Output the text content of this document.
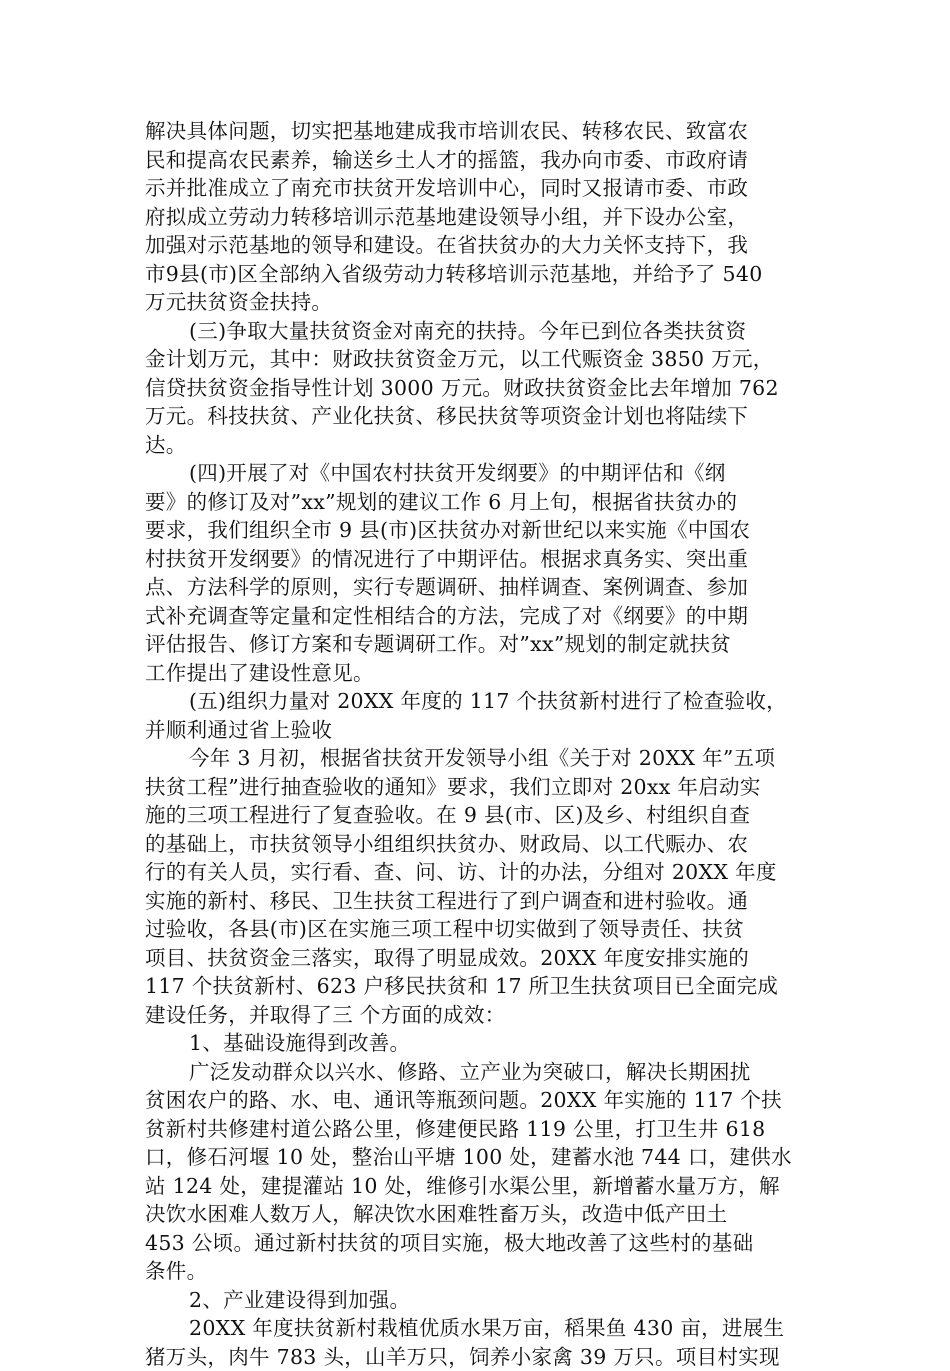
解决具体问题，切实把基地建成我市培训农民、转移农民、致富农
民和提高农民素养，输送乡土人才的摇篮，我办向市委、市政府请
示并批准成立了南充市扶贫开发培训中心，同时又报请市委、市政
府拟成立劳动力转移培训示范基地建设领导小组，并下设办公室，
加强对示范基地的领导和建设。在省扶贫办的大力关怀支持下，我
市9县(市)区全部纳入省级劳动力转移培训示范基地，并给予了 540
万元扶贫资金扶持。
(三)争取大量扶贫资金对南充的扶持。今年已到位各类扶贫资
金计划万元，其中：财政扶贫资金万元，以工代赈资金 3850 万元，
信贷扶贫资金指导性计划 3000 万元。财政扶贫资金比去年增加 762
万元。科技扶贫、产业化扶贫、移民扶贫等项资金计划也将陆续下
达。
(四)开展了对《中国农村扶贫开发纲要》的中期评估和《纲
要》的修订及对”xx”规划的建议工作 6 月上旬，根据省扶贫办的
要求，我们组织全市 9 县(市)区扶贫办对新世纪以来实施《中国农
村扶贫开发纲要》的情况进行了中期评估。根据求真务实、突出重
点、方法科学的原则，实行专题调研、抽样调查、案例调查、参加
式补充调查等定量和定性相结合的方法，完成了对《纲要》的中期
评估报告、修订方案和专题调研工作。对”xx”规划的制定就扶贫
工作提出了建设性意见。
(五)组织力量对 20XX 年度的 117 个扶贫新村进行了检查验收，
并顺利通过省上验收
今年 3 月初，根据省扶贫开发领导小组《关于对 20XX 年”五项
扶贫工程”进行抽查验收的通知》要求，我们立即对 20xx 年启动实
施的三项工程进行了复查验收。在 9 县(市、区)及乡、村组织自查
的基础上，市扶贫领导小组组织扶贫办、财政局、以工代赈办、农
行的有关人员，实行看、查、问、访、计的办法，分组对 20XX 年度
实施的新村、移民、卫生扶贫工程进行了到户调查和进村验收。通
过验收，各县(市)区在实施三项工程中切实做到了领导责任、扶贫
项目、扶贫资金三落实，取得了明显成效。20XX 年度安排实施的
117 个扶贫新村、623 户移民扶贫和 17 所卫生扶贫项目已全面完成
建设任务，并取得了三 个方面的成效：
1、基础设施得到改善。
广泛发动群众以兴水、修路、立产业为突破口，解决长期困扰
贫困农户的路、水、电、通讯等瓶颈问题。20XX 年实施的 117 个扶
贫新村共修建村道公路公里，修建便民路 119 公里，打卫生井 618
口，修石河堰 10 处，整治山平塘 100 处，建蓄水池 744 口，建供水
站 124 处，建提灌站 10 处，维修引水渠公里，新增蓄水量万方，解
决饮水困难人数万人，解决饮水困难牲畜万头，改造中低产田土
453 公顷。通过新村扶贫的项目实施，极大地改善了这些村的基础
条件。
2、产业建设得到加强。
20XX 年度扶贫新村栽植优质水果万亩，稻果鱼 430 亩，进展生
猪万头，肉牛 783 头，山羊万只，饲养小家禽 39 万只。项目村实现
